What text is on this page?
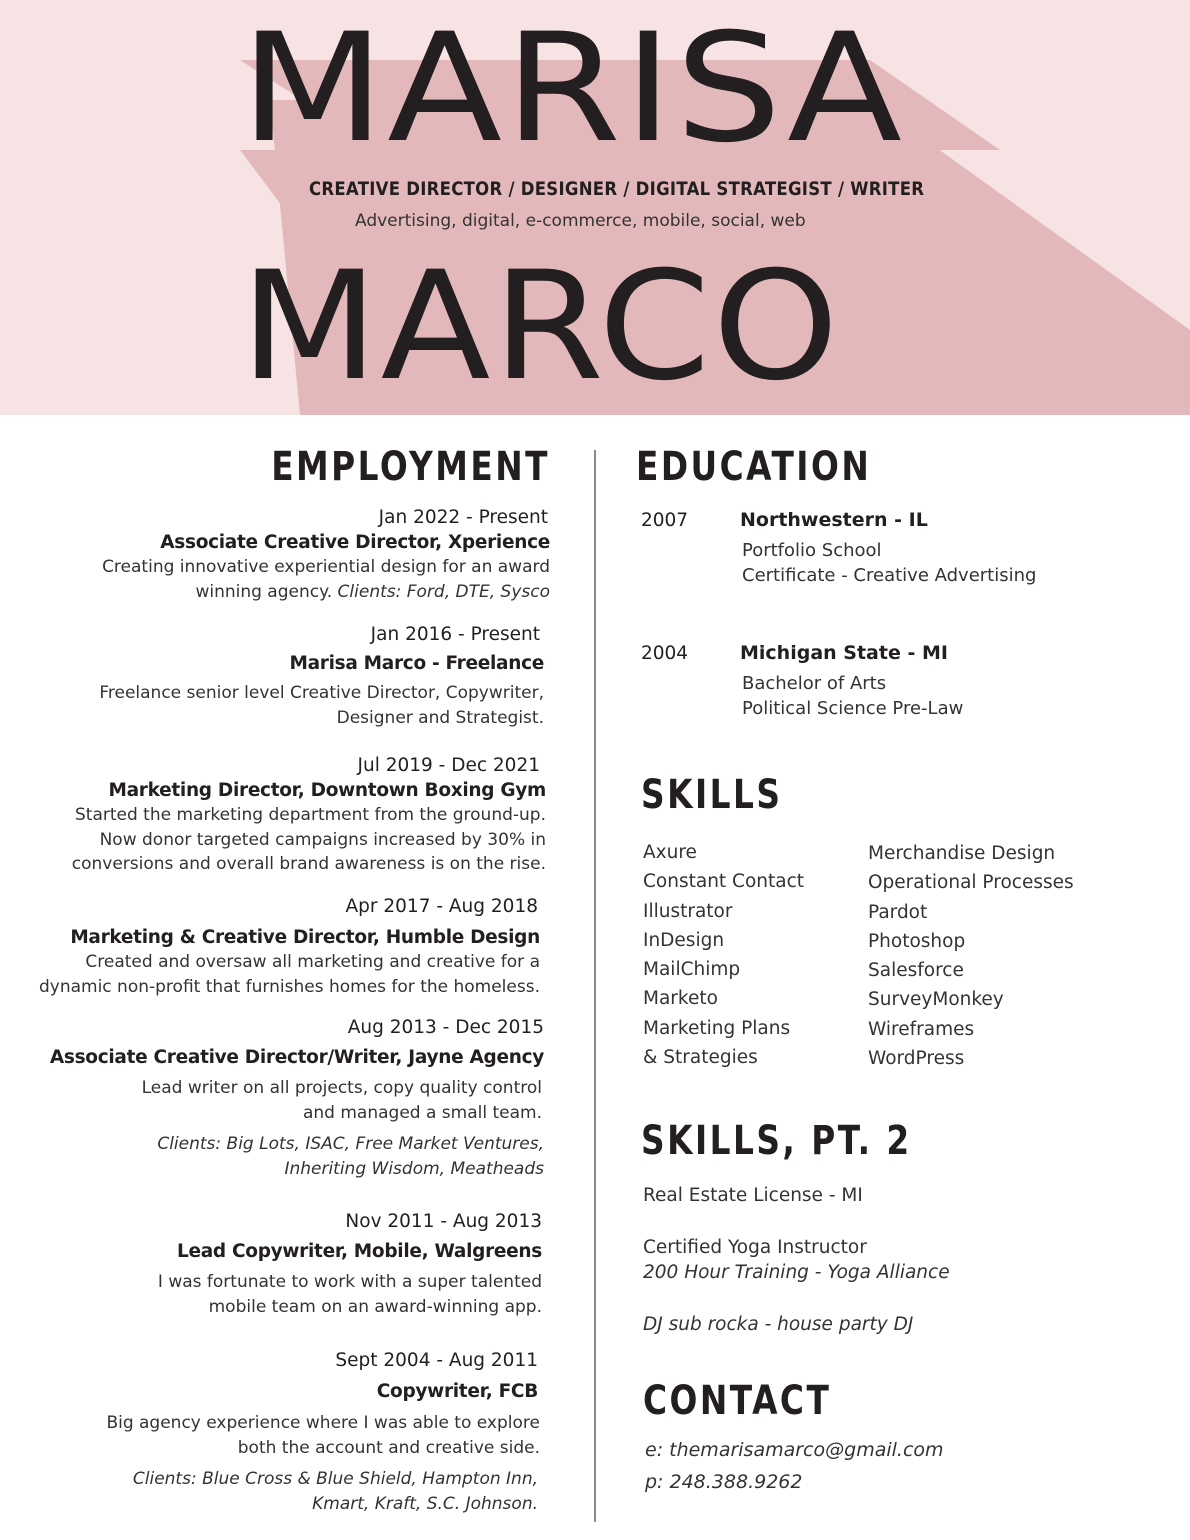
MARISA
CREATIVE DIRECTOR / DESIGNER / DIGITAL STRATEGIST / WRITER
Advertising, digital, e-commerce, mobile, social, web
MARCO
EMPLOYMENT
Jan 2022 - Present
Associate Creative Director, Xperience
Creating innovative experiential design for an award
winning agency. Clients: Ford, DTE, Sysco
Jan 2016 - Present
Marisa Marco - Freelance
Freelance senior level Creative Director, Copywriter,
Designer and Strategist.
Jul 2019 - Dec 2021
Marketing Director, Downtown Boxing Gym
Started the marketing department from the ground-up.
Now donor targeted campaigns increased by 30% in
conversions and overall brand awareness is on the rise.
Apr 2017 - Aug 2018
Marketing & Creative Director, Humble Design
Created and oversaw all marketing and creative for a
dynamic non-profit that furnishes homes for the homeless.
Aug 2013 - Dec 2015
Associate Creative Director/Writer, Jayne Agency
Lead writer on all projects, copy quality control
and managed a small team.
Clients: Big Lots, ISAC, Free Market Ventures,
Inheriting Wisdom, Meatheads
Nov 2011 - Aug 2013
Lead Copywriter, Mobile, Walgreens
I was fortunate to work with a super talented
mobile team on an award-winning app.
Sept 2004 - Aug 2011
Copywriter, FCB
Big agency experience where I was able to explore
both the account and creative side.
Clients: Blue Cross & Blue Shield, Hampton Inn,
Kmart, Kraft, S.C. Johnson.
EDUCATION
2007	Northwestern - IL
Portfolio School
Certificate - Creative Advertising
2004	Michigan State - MI
Bachelor of Arts
Political Science Pre-Law
SKILLS
Axure
Constant Contact
Illustrator
InDesign
MailChimp
Marketo
Marketing Plans
& Strategies
Merchandise Design
Operational Processes
Pardot
Photoshop
Salesforce
SurveyMonkey
Wireframes
WordPress
SKILLS, PT. 2
Real Estate License - MI
Certified Yoga Instructor
200 Hour Training - Yoga Alliance
DJ sub rocka - house party DJ
CONTACT
e: themarisamarco@gmail.com
p: 248.388.9262
